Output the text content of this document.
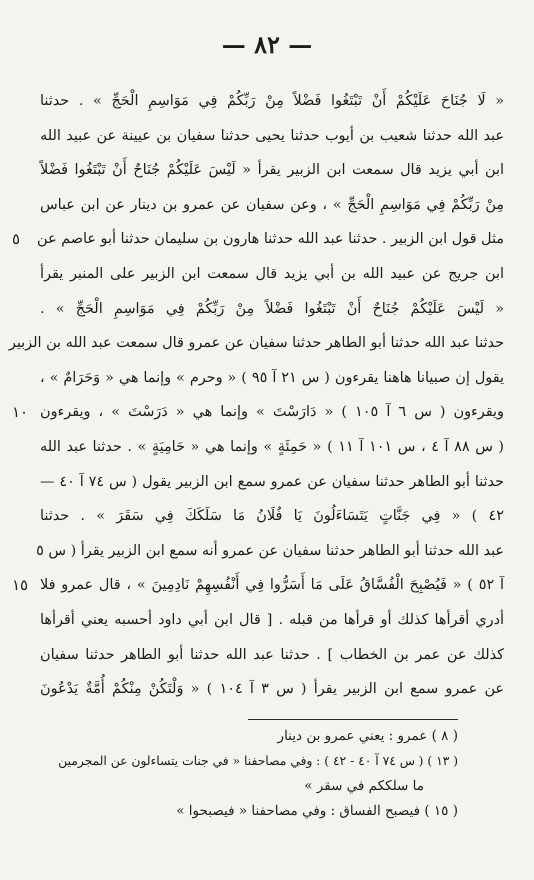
— ٨٢ —
« لَا جُنَاحَ عَلَيْكُمْ أَنْ تَبْتَغُوا فَضْلاً مِنْ رَبِّكُمْ فِي مَوَاسِمِ الْحَجِّ » . حدثنا
عبد الله حدثنا شعيب بن أيوب حدثنا يحيى حدثنا سفيان بن عيينة عن عبيد الله
ابن أبي يزيد قال سمعت ابن الزبير يقرأ « لَيْسَ عَلَيْكُمْ جُنَاحٌ أَنْ تَبْتَغُوا فَضْلاً
مِنْ رَبِّكُمْ فِي مَوَاسِمِ الْحَجِّ » ، وعن سفيان عن عمرو بن دينار عن ابن عباس
مثل قول ابن الزبير . حدثنا عبد الله حدثنا هارون بن سليمان حدثنا أبو عاصم عن
٥
ابن جريج عن عبيد الله بن أبي يزيد قال سمعت ابن الزبير على المنبر يقرأ
« لَيْسَ عَلَيْكُمْ جُنَاحٌ أَنْ تَبْتَغُوا فَضْلاً مِنْ رَبِّكُمْ فِي مَوَاسِمِ الْحَجِّ » .
حدثنا عبد الله حدثنا أبو الطاهر حدثنا سفيان عن عمرو قال سمعت عبد الله بن الزبير
يقول إن صبيانا هاهنا يقرءون ( س ٢١ آ ٩٥ ) « وحرم » وإنما هي « وَحَرَامٌ » ،
ويقرءون ( س ٦ آ ١٠٥ ) « دَارَسْتَ » وإنما هي « دَرَسْتَ » ، ويقرءون
١٠
( س ٨٨ آ ٤ ، س ١٠١ آ ١١ ) « حَمِئَةٍ » وإنما هي « حَامِيَةٍ » . حدثنا عبد الله
حدثنا أبو الطاهر حدثنا سفيان عن عمرو سمع ابن الزبير يقول ( س ٧٤ آ ٤٠ —
٤٢ ) « فِي جَنَّاتٍ يَتَسَاءَلُونَ يَا فُلَانُ مَا سَلَكَكَ فِي سَقَرَ » . حدثنا
عبد الله حدثنا أبو الطاهر حدثنا سفيان عن عمرو أنه سمع ابن الزبير يقرأ ( س ٥
آ ٥٢ ) « فَيُصْبِحَ الْفُسَّاقُ عَلَى مَا أَسَرُّوا فِي أَنْفُسِهِمْ نَادِمِينَ » ، قال عمرو فلا
١٥
أدري أقرأها كذلك أو قرأها من قبله . [ قال ابن أبي داود أحسبه يعني أقرأها
كذلك عن عمر بن الخطاب ] . حدثنا عبد الله حدثنا أبو الطاهر حدثنا سفيان
عن عمرو سمع ابن الزبير يقرأ ( س ٣ آ ١٠٤ ) « وَلْتَكُنْ مِنْكُمْ أُمَّةٌ يَدْعُونَ
( ٨ ) عمرو : يعني عمرو بن دينار
( ١٣ ) ( س ٧٤ آ ٤٠ - ٤٢ ) : وفي مصاحفنا « في جنات يتساءلون عن المجرمين
ما سلككم في سقر »
( ١٥ ) فيصبح الفساق : وفي مصاحفنا « فيصبحوا »
